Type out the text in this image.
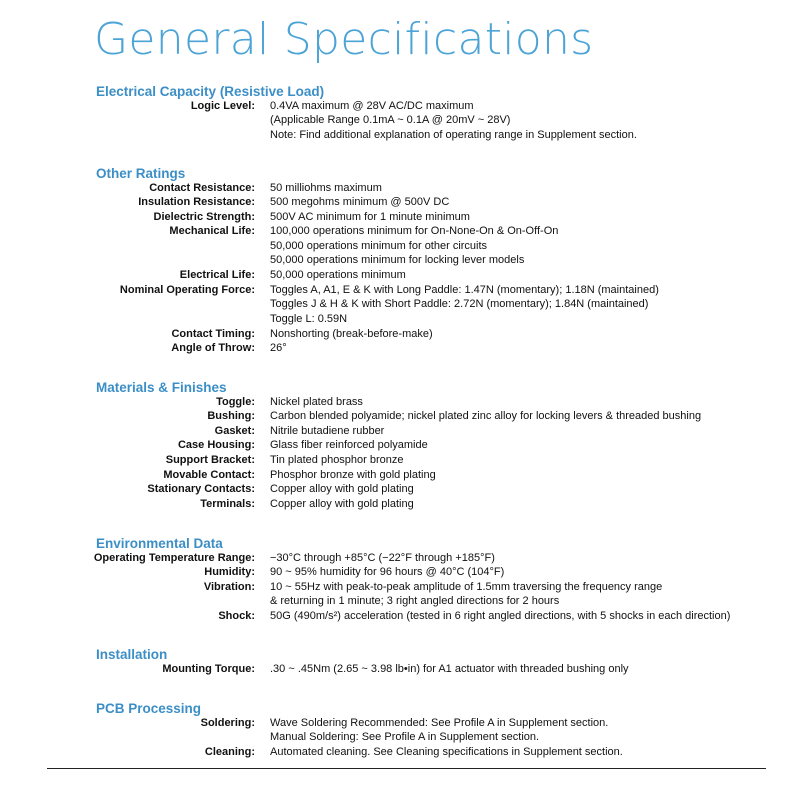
General Specifications
Electrical Capacity (Resistive Load)
Logic Level: 0.4VA maximum @ 28V AC/DC maximum
(Applicable Range 0.1mA ~ 0.1A @ 20mV ~ 28V)
Note: Find additional explanation of operating range in Supplement section.
Other Ratings
Contact Resistance: 50 milliohms maximum
Insulation Resistance: 500 megohms minimum @ 500V DC
Dielectric Strength: 500V AC minimum for 1 minute minimum
Mechanical Life: 100,000 operations minimum for On-None-On & On-Off-On
50,000 operations minimum for other circuits
50,000 operations minimum for locking lever models
Electrical Life: 50,000 operations minimum
Nominal Operating Force: Toggles A, A1, E & K with Long Paddle: 1.47N (momentary); 1.18N (maintained)
Toggles J & H & K with Short Paddle: 2.72N (momentary); 1.84N (maintained)
Toggle L: 0.59N
Contact Timing: Nonshorting (break-before-make)
Angle of Throw: 26°
Materials & Finishes
Toggle: Nickel plated brass
Bushing: Carbon blended polyamide; nickel plated zinc alloy for locking levers & threaded bushing
Gasket: Nitrile butadiene rubber
Case Housing: Glass fiber reinforced polyamide
Support Bracket: Tin plated phosphor bronze
Movable Contact: Phosphor bronze with gold plating
Stationary Contacts: Copper alloy with gold plating
Terminals: Copper alloy with gold plating
Environmental Data
Operating Temperature Range: −30°C through +85°C (−22°F through +185°F)
Humidity: 90 ~ 95% humidity for 96 hours @ 40°C (104°F)
Vibration: 10 ~ 55Hz with peak-to-peak amplitude of 1.5mm traversing the frequency range
& returning in 1 minute; 3 right angled directions for 2 hours
Shock: 50G (490m/s²) acceleration (tested in 6 right angled directions, with 5 shocks in each direction)
Installation
Mounting Torque: .30 ~ .45Nm (2.65 ~ 3.98 lb•in) for A1 actuator with threaded bushing only
PCB Processing
Soldering: Wave Soldering Recommended: See Profile A in Supplement section.
Manual Soldering: See Profile A in Supplement section.
Cleaning: Automated cleaning. See Cleaning specifications in Supplement section.
